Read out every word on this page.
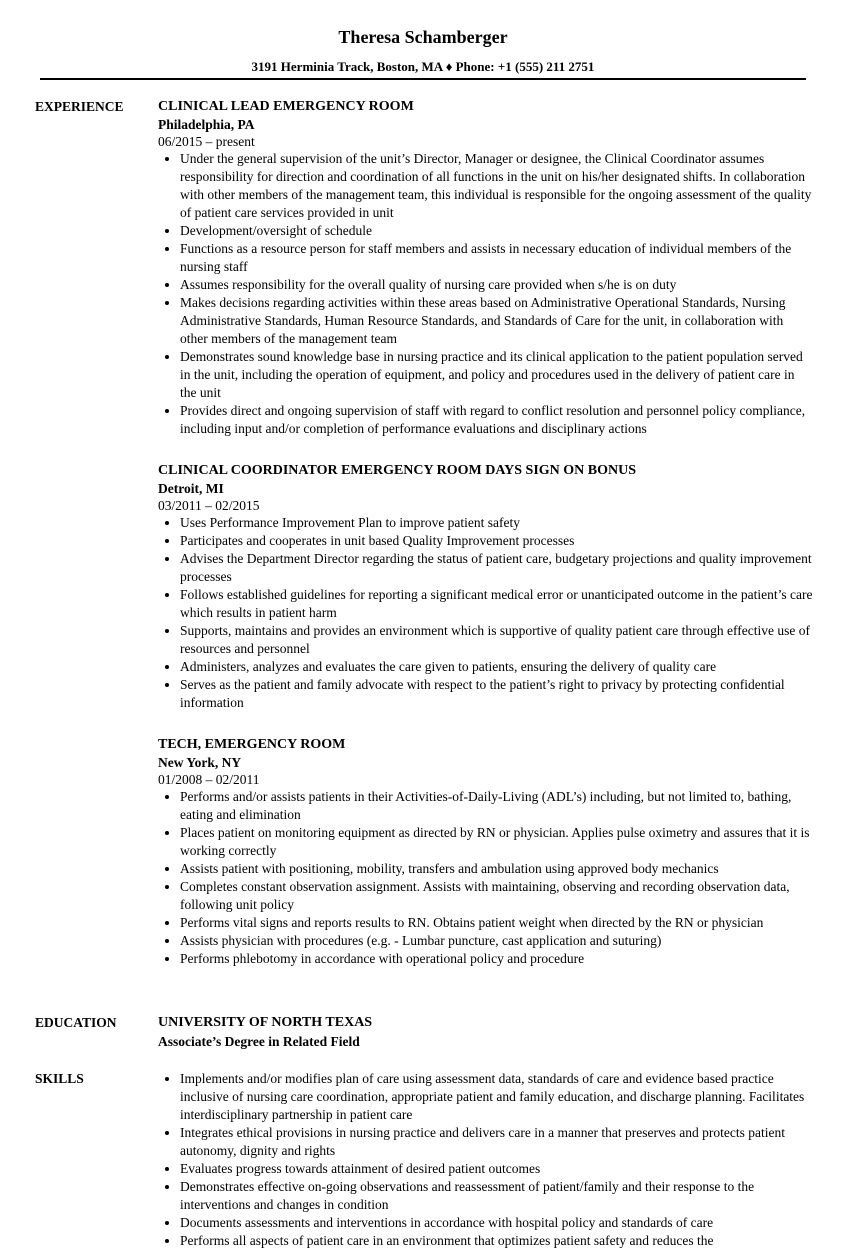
Theresa Schamberger
3191 Herminia Track, Boston, MA ♦ Phone: +1 (555) 211 2751
EXPERIENCE CLINICAL LEAD EMERGENCY ROOM
Philadelphia, PA
06/2015 – present
• Under the general supervision of the unit’s Director, Manager or designee, the Clinical Coordinator assumes responsibility for direction and coordination of all functions in the unit on his/her designated shifts. In collaboration with other members of the management team, this individual is responsible for the ongoing assessment of the quality of patient care services provided in unit
• Development/oversight of schedule
• Functions as a resource person for staff members and assists in necessary education of individual members of the nursing staff
• Assumes responsibility for the overall quality of nursing care provided when s/he is on duty
• Makes decisions regarding activities within these areas based on Administrative Operational Standards, Nursing Administrative Standards, Human Resource Standards, and Standards of Care for the unit, in collaboration with other members of the management team
• Demonstrates sound knowledge base in nursing practice and its clinical application to the patient population served in the unit, including the operation of equipment, and policy and procedures used in the delivery of patient care in the unit
• Provides direct and ongoing supervision of staff with regard to conflict resolution and personnel policy compliance, including input and/or completion of performance evaluations and disciplinary actions
CLINICAL COORDINATOR EMERGENCY ROOM DAYS SIGN ON BONUS
Detroit, MI
03/2011 – 02/2015
• Uses Performance Improvement Plan to improve patient safety
• Participates and cooperates in unit based Quality Improvement processes
• Advises the Department Director regarding the status of patient care, budgetary projections and quality improvement processes
• Follows established guidelines for reporting a significant medical error or unanticipated outcome in the patient’s care which results in patient harm
• Supports, maintains and provides an environment which is supportive of quality patient care through effective use of resources and personnel
• Administers, analyzes and evaluates the care given to patients, ensuring the delivery of quality care
• Serves as the patient and family advocate with respect to the patient’s right to privacy by protecting confidential information
TECH, EMERGENCY ROOM
New York, NY
01/2008 – 02/2011
• Performs and/or assists patients in their Activities-of-Daily-Living (ADL’s) including, but not limited to, bathing, eating and elimination
• Places patient on monitoring equipment as directed by RN or physician. Applies pulse oximetry and assures that it is working correctly
• Assists patient with positioning, mobility, transfers and ambulation using approved body mechanics
• Completes constant observation assignment. Assists with maintaining, observing and recording observation data, following unit policy
• Performs vital signs and reports results to RN. Obtains patient weight when directed by the RN or physician
• Assists physician with procedures (e.g. - Lumbar puncture, cast application and suturing)
• Performs phlebotomy in accordance with operational policy and procedure
EDUCATION	UNIVERSITY OF NORTH TEXAS
Associate’s Degree in Related Field
SKILLS
•	Implements and/or modifies plan of care using assessment data, standards of care and evidence based practice inclusive of nursing care coordination, appropriate patient and family education, and discharge planning. Facilitates interdisciplinary partnership in patient care
• Integrates ethical provisions in nursing practice and delivers care in a manner that preserves and protects patient autonomy, dignity and rights
• Evaluates progress towards attainment of desired patient outcomes
• Demonstrates effective on-going observations and reassessment of patient/family and their response to the interventions and changes in condition
• Documents assessments and interventions in accordance with hospital policy and standards of care
• Performs all aspects of patient care in an environment that optimizes patient safety and reduces the
